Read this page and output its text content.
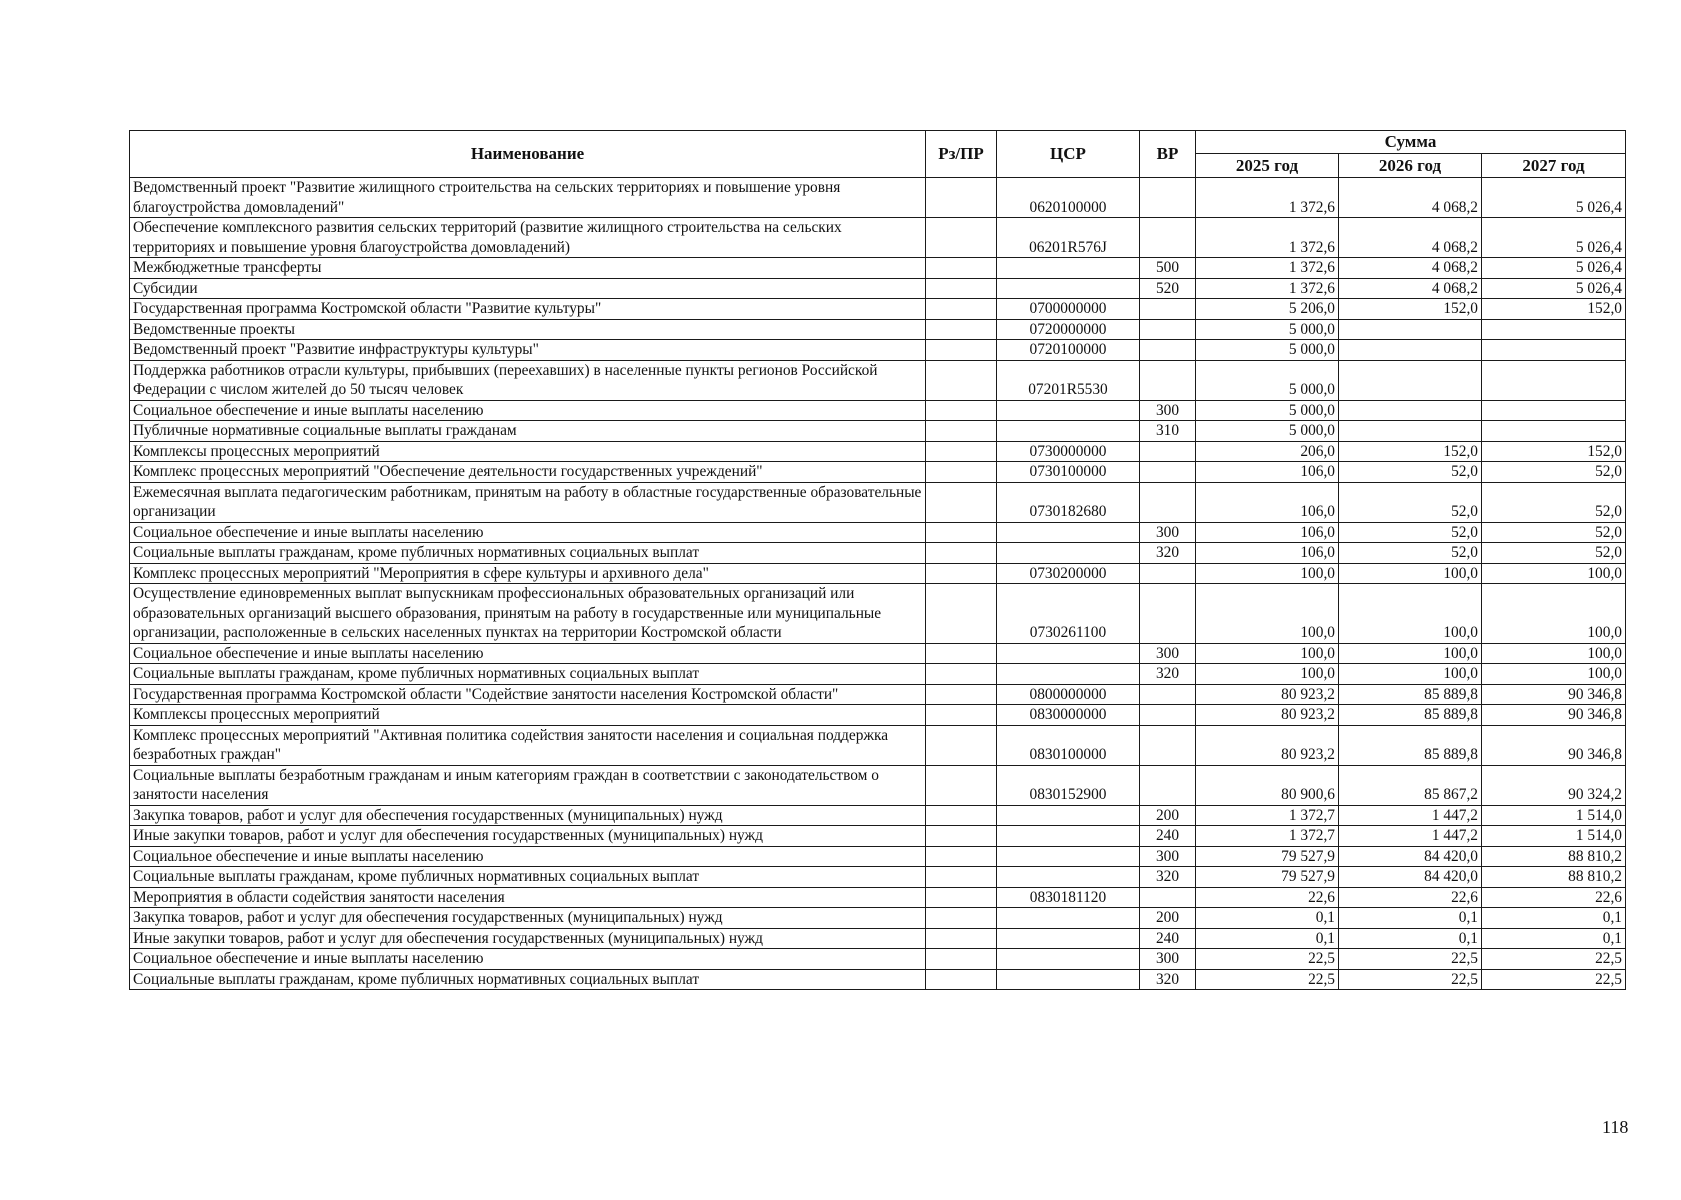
Наименование	Рз/ПР	ЦСР	ВР	Сумма		
				2025 год	2026 год	2027 год
Ведомственный проект "Развитие жилищного строительства на сельских территориях и повышение уровня благоустройства домовладений"		0620100000		1 372,6	4 068,2	5 026,4
Обеспечение комплексного развития сельских территорий (развитие жилищного строительства на сельских территориях и повышение уровня благоустройства домовладений)		06201R576J		1 372,6	4 068,2	5 026,4
Межбюджетные трансферты			500	1 372,6	4 068,2	5 026,4
Субсидии			520	1 372,6	4 068,2	5 026,4
Государственная программа Костромской области "Развитие культуры"		0700000000		5 206,0	152,0	152,0
Ведомственные проекты		0720000000		5 000,0		
Ведомственный проект "Развитие инфраструктуры культуры"		0720100000		5 000,0		
Поддержка работников отрасли культуры, прибывших (переехавших) в населенные пункты регионов Российской Федерации с числом жителей до 50 тысяч человек		07201R5530		5 000,0		
Социальное обеспечение и иные выплаты населению			300	5 000,0		
Публичные нормативные социальные выплаты гражданам			310	5 000,0		
Комплексы процессных мероприятий		0730000000		206,0	152,0	152,0
Комплекс процессных мероприятий "Обеспечение деятельности государственных учреждений"		0730100000		106,0	52,0	52,0
Ежемесячная выплата педагогическим работникам, принятым на работу в областные государственные образовательные организации		0730182680		106,0	52,0	52,0
Социальное обеспечение и иные выплаты населению			300	106,0	52,0	52,0
Социальные выплаты гражданам, кроме публичных нормативных социальных выплат			320	106,0	52,0	52,0
Комплекс процессных мероприятий "Мероприятия в сфере культуры и архивного дела"		0730200000		100,0	100,0	100,0
Осуществление единовременных выплат выпускникам профессиональных образовательных организаций или образовательных организаций высшего образования, принятым на работу в государственные или муниципальные организации, расположенные в сельских населенных пунктах на территории Костромской области		0730261100		100,0	100,0	100,0
Социальное обеспечение и иные выплаты населению			300	100,0	100,0	100,0
Социальные выплаты гражданам, кроме публичных нормативных социальных выплат			320	100,0	100,0	100,0
Государственная программа Костромской области "Содействие занятости населения Костромской области"		0800000000		80 923,2	85 889,8	90 346,8
Комплексы процессных мероприятий		0830000000		80 923,2	85 889,8	90 346,8
Комплекс процессных мероприятий "Активная политика содействия занятости населения и социальная поддержка безработных граждан"		0830100000		80 923,2	85 889,8	90 346,8
Социальные выплаты безработным гражданам и иным категориям граждан в соответствии с законодательством о занятости населения		0830152900		80 900,6	85 867,2	90 324,2
Закупка товаров, работ и услуг для обеспечения государственных (муниципальных) нужд			200	1 372,7	1 447,2	1 514,0
Иные закупки товаров, работ и услуг для обеспечения государственных (муниципальных) нужд			240	1 372,7	1 447,2	1 514,0
Социальное обеспечение и иные выплаты населению			300	79 527,9	84 420,0	88 810,2
Социальные выплаты гражданам, кроме публичных нормативных социальных выплат			320	79 527,9	84 420,0	88 810,2
Мероприятия в области содействия занятости населения		0830181120		22,6	22,6	22,6
Закупка товаров, работ и услуг для обеспечения государственных (муниципальных) нужд			200	0,1	0,1	0,1
Иные закупки товаров, работ и услуг для обеспечения государственных (муниципальных) нужд			240	0,1	0,1	0,1
Социальное обеспечение и иные выплаты населению			300	22,5	22,5	22,5
Социальные выплаты гражданам, кроме публичных нормативных социальных выплат			320	22,5	22,5	22,5
118
